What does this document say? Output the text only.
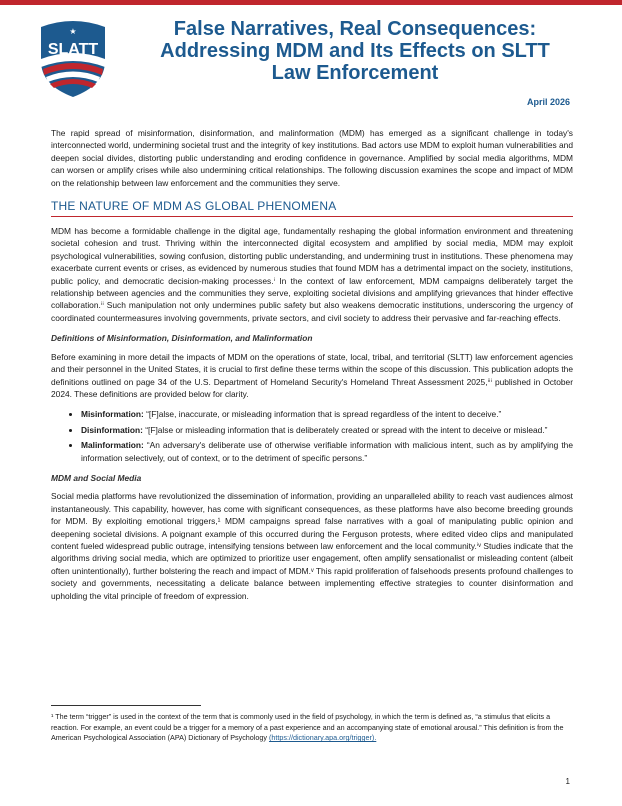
SLATT
★	False Narratives, Real Consequences: Addressing MDM and Its Effects on SLTT Law Enforcement
April 2026

The rapid spread of misinformation, disinformation, and malinformation (MDM) has emerged as a significant challenge in today's interconnected world, undermining societal trust and the integrity of key institutions. Bad actors use MDM to exploit human vulnerabilities and deepen social divides, distorting public understanding and eroding confidence in governance. Amplified by social media algorithms, MDM can worsen or amplify crises while also undermining critical relationships. The following discussion examines the scope and impact of MDM on the relationship between law enforcement and the communities they serve.

THE NATURE OF MDM AS GLOBAL PHENOMENA

MDM has become a formidable challenge in the digital age, fundamentally reshaping the global information environment and threatening societal cohesion and trust. Thriving within the interconnected digital ecosystem and amplified by social media, MDM may exploit psychological vulnerabilities, sowing confusion, distorting public understanding, and undermining trust in institutions. These phenomena may exacerbate current events or crises, as evidenced by numerous studies that found MDM has a detrimental impact on the society, institutions, public policy, and democratic decision-making processes.ⁱ In the context of law enforcement, MDM campaigns deliberately target the relationship between agencies and the communities they serve, exploiting societal divisions and amplifying grievances that hinder effective collaboration.ⁱⁱ Such manipulation not only undermines public safety but also weakens democratic institutions, underscoring the urgency of coordinated countermeasures involving governments, private sectors, and civil society to address their pervasive and far-reaching effects.

Definitions of Misinformation, Disinformation, and Malinformation

Before examining in more detail the impacts of MDM on the operations of state, local, tribal, and territorial (SLTT) law enforcement agencies and their personnel in the United States, it is crucial to first define these terms within the scope of this discussion. This publication adopts the definitions outlined on page 34 of the U.S. Department of Homeland Security's Homeland Threat Assessment 2025,ⁱⁱⁱ published in October 2024. These definitions are provided below for clarity.

• Misinformation: “[F]alse, inaccurate, or misleading information that is spread regardless of the intent to deceive.”
• Disinformation: “[F]alse or misleading information that is deliberately created or spread with the intent to deceive or mislead.”
• Malinformation: “An adversary's deliberate use of otherwise verifiable information with malicious intent, such as by amplifying the information selectively, out of context, or to the detriment of specific persons.”
MDM and Social Media

Social media platforms have revolutionized the dissemination of information, providing an unparalleled ability to reach vast audiences almost instantaneously. This capability, however, has come with significant consequences, as these platforms have also become breeding grounds for MDM. By exploiting emotional triggers,¹ MDM campaigns spread false narratives with a goal of manipulating public opinion and deepening societal divisions. A poignant example of this occurred during the Ferguson protests, where edited video clips and manipulated content fueled widespread public outrage, intensifying tensions between law enforcement and the local community.ⁱᵛ Studies indicate that the algorithms driving social media, which are optimized to prioritize user engagement, often amplify sensationalist or misleading content (albeit often unintentionally), further bolstering the reach and impact of MDM.ᵛ This rapid proliferation of falsehoods presents profound challenges to society and governments, necessitating a delicate balance between implementing effective strategies to counter disinformation and upholding the vital principle of freedom of expression.

¹ The term “trigger” is used in the context of the term that is commonly used in the field of psychology, in which the term is defined as, “a stimulus that elicits a reaction. For example, an event could be a trigger for a memory of a past experience and an accompanying state of emotional arousal.” This definition is from the American Psychological Association (APA) Dictionary of Psychology (https://dictionary.apa.org/trigger).
1
